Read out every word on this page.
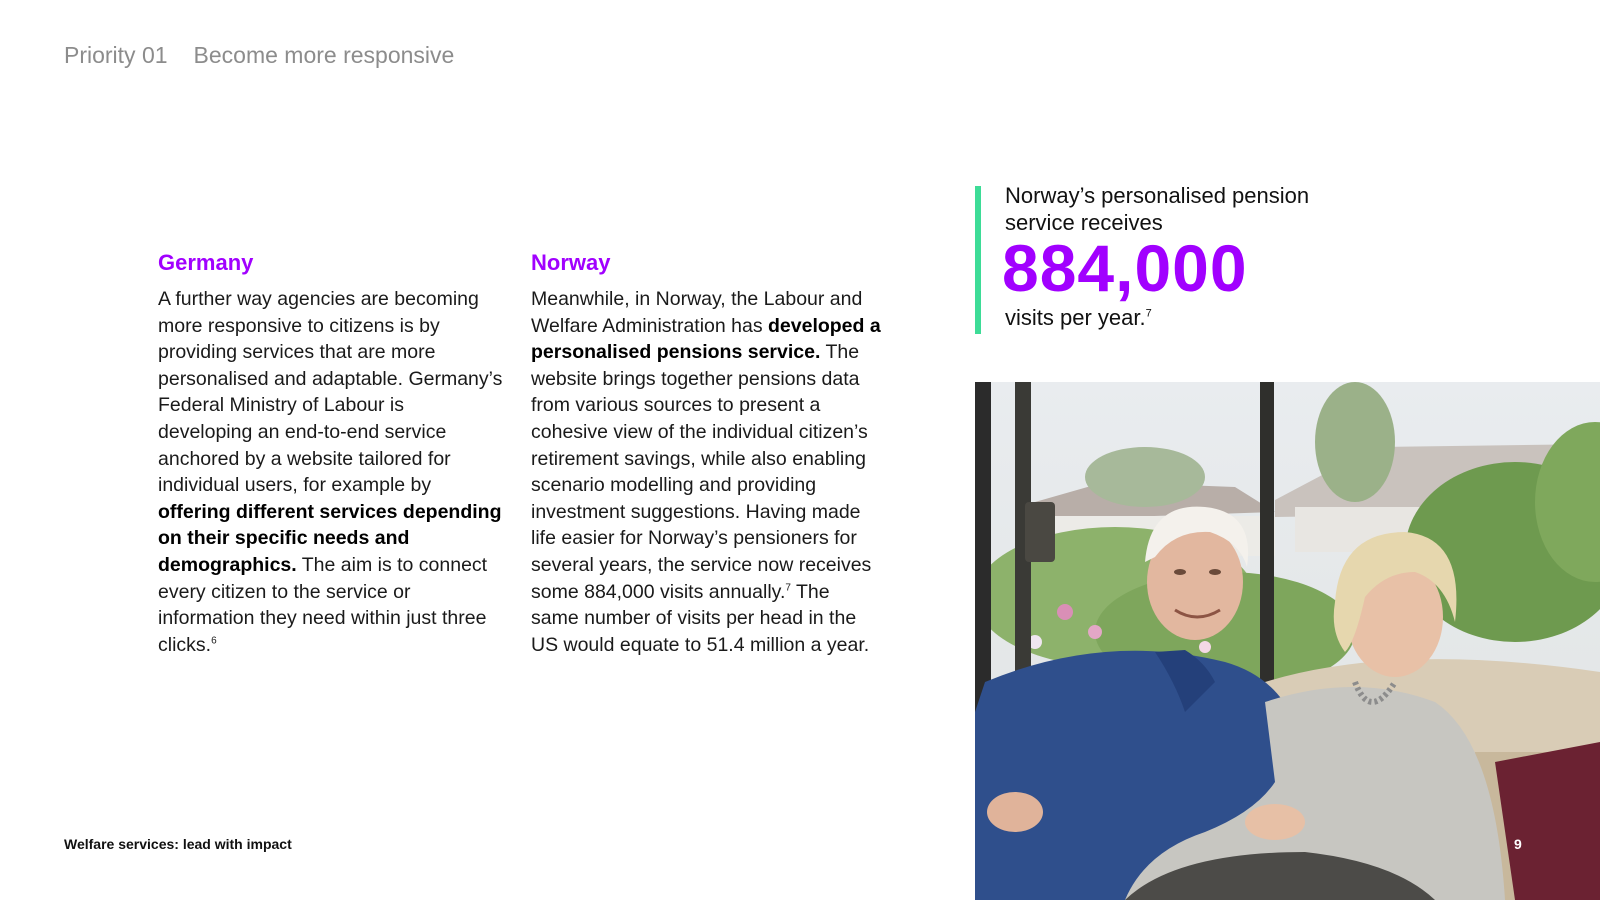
Priority 01 Become more responsive
Germany

A further way agencies are becoming more responsive to citizens is by providing services that are more personalised and adaptable. Germany’s Federal Ministry of Labour is developing an end-to-end service anchored by a website tailored for individual users, for example by offering different services depending on their specific needs and demographics. The aim is to connect every citizen to the service or information they need within just three clicks.$^6$

Norway

Meanwhile, in Norway, the Labour and Welfare Administration has developed a personalised pensions service. The website brings together pensions data from various sources to present a cohesive view of the individual citizen’s retirement savings, while also enabling scenario modelling and providing investment suggestions. Having made life easier for Norway’s pensioners for several years, the service now receives some 884,000 visits annually.$^7$ The same number of visits per head in the US would equate to 51.4 million a year.

Norway’s personalised pension service receives
884,000
visits per year.$^7$
Welfare services: lead with impact	9
